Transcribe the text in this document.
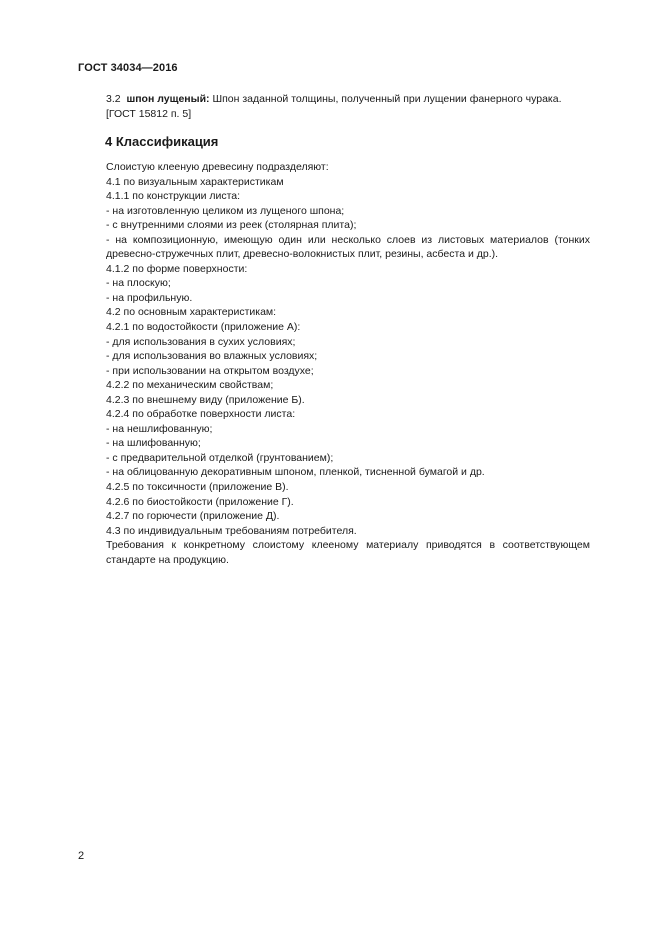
ГОСТ 34034—2016
3.2 шпон лущеный: Шпон заданной толщины, полученный при лущении фанерного чурака.
[ГОСТ 15812 п. 5]
4 Классификация
Слоистую клееную древесину подразделяют:
4.1 по визуальным характеристикам
4.1.1 по конструкции листа:
- на изготовленную целиком из лущеного шпона;
- с внутренними слоями из реек (столярная плита);
- на композиционную, имеющую один или несколько слоев из листовых материалов (тонких древесно-стружечных плит, древесно-волокнистых плит, резины, асбеста и др.).
4.1.2 по форме поверхности:
- на плоскую;
- на профильную.
4.2 по основным характеристикам:
4.2.1 по водостойкости (приложение А):
- для использования в сухих условиях;
- для использования во влажных условиях;
- при использовании на открытом воздухе;
4.2.2 по механическим свойствам;
4.2.3 по внешнему виду (приложение Б).
4.2.4 по обработке поверхности листа:
- на нешлифованную;
- на шлифованную;
- с предварительной отделкой (грунтованием);
- на облицованную декоративным шпоном, пленкой, тисненной бумагой и др.
4.2.5 по токсичности (приложение В).
4.2.6 по биостойкости (приложение Г).
4.2.7 по горючести (приложение Д).
4.3 по индивидуальным требованиям потребителя.
Требования к конкретному слоистому клееному материалу приводятся в соответствующем стандарте на продукцию.
2
